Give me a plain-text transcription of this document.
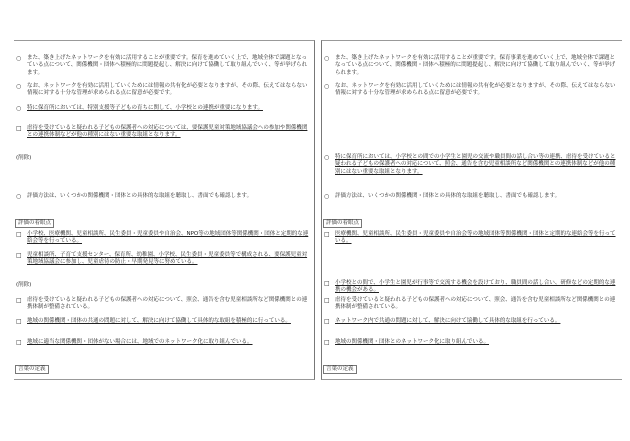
○ また、築き上げたネットワークを有効に活用することが重要です。保育を進めていく上で、地域全体で課題となっている点について、関係機関・団体へ積極的に問題提起し、解決に向けて協働して取り組んでいく、等が挙げられます。
○ なお、ネットワークを有効に活用していくためには情報の共有化が必要となりますが、その際、伝えてはならない情報に対する十分な管理が求められる点に留意が必要です。
○ 特に保育所においては、特別支援等子どもの育ちに関して、小学校との連携が重要になります。
□ 虐待を受けていると疑われる子どもの保護者への対応については、要保護児童対策地域協議会への参加や関係機関との連携体制などが他の種別にはない重要な取組となります。
(削除)
○ 評価方法は、いくつかの関係機関・団体との具体的な取組を聴取し、書面でも確認します。
評価の着眼点
□ 小学校、医療機関、児童相談所、民生委員・児童委員や自治会、NPO等の地域団体等関係機関・団体と定期的な連絡会等を行っている。
□ 児童相談所、子育て支援センター、保育所、幼稚園、小学校、民生委員・児童委員等で構成される、要保護児童対策地域協議会に参加し、児童虐待の防止・早期発見等に努めている。
(削除)
□ 虐待を受けていると疑われる子どもの保護者への対応について、照会、通告を含む児童相談所など関係機関との連携体制が整備されている。
□ 地域の関係機関・団体の共通の問題に対して、解決に向けて協働して具体的な取組を積極的に行っている。
□ 地域に適当な関係機関・団体がない場合には、地域でのネットワーク化に取り組んでいる。
言葉の定義
○ また、築き上げたネットワークを有効に活用することが重要です。保育事業を進めていく上で、地域全体で課題となっている点について、関係機関・団体へ積極的に問題提起し、解決に向けて協働して取り組んでいく、等が挙げられます。
○ なお、ネットワークを有効に活用していくためには情報の共有化が必要となりますが、その際、伝えてはならない情報に対する十分な管理が求められる点に留意が必要です。
○ 特に保育所においては、小学校との間での小学生と園児の交流や職員間の話し合い等の連携、虐待を受けていると疑われる子どもの保護者への対応について、照会、通告を含む児童相談所など関係機関との連携体制などが他の種別にはない重要な取組となります。
○ 評価方法は、いくつかの関係機関・団体との具体的な取組を聴取し、書面でも確認します。
評価の着眼点
□ 医療機関、児童相談所、民生委員・児童委員や自治会等の地域団体等関係機関・団体と定期的な連絡会等を行っている。
□ 小学校との間で、小学生と園児が行事等で交流する機会を設けており、職員間の話し合い、研修などの定期的な連携の機会がある。
□ 虐待を受けていると疑われる子どもの保護者への対応について、照会、通告を含む児童相談所など関係機関との連携体制が整備されている。
□ ネットワーク内で共通の問題に対して、解決に向けて協働して具体的な取組を行っている。
□ 地域の関係機関・団体とのネットワーク化に取り組んでいる。
言葉の定義
